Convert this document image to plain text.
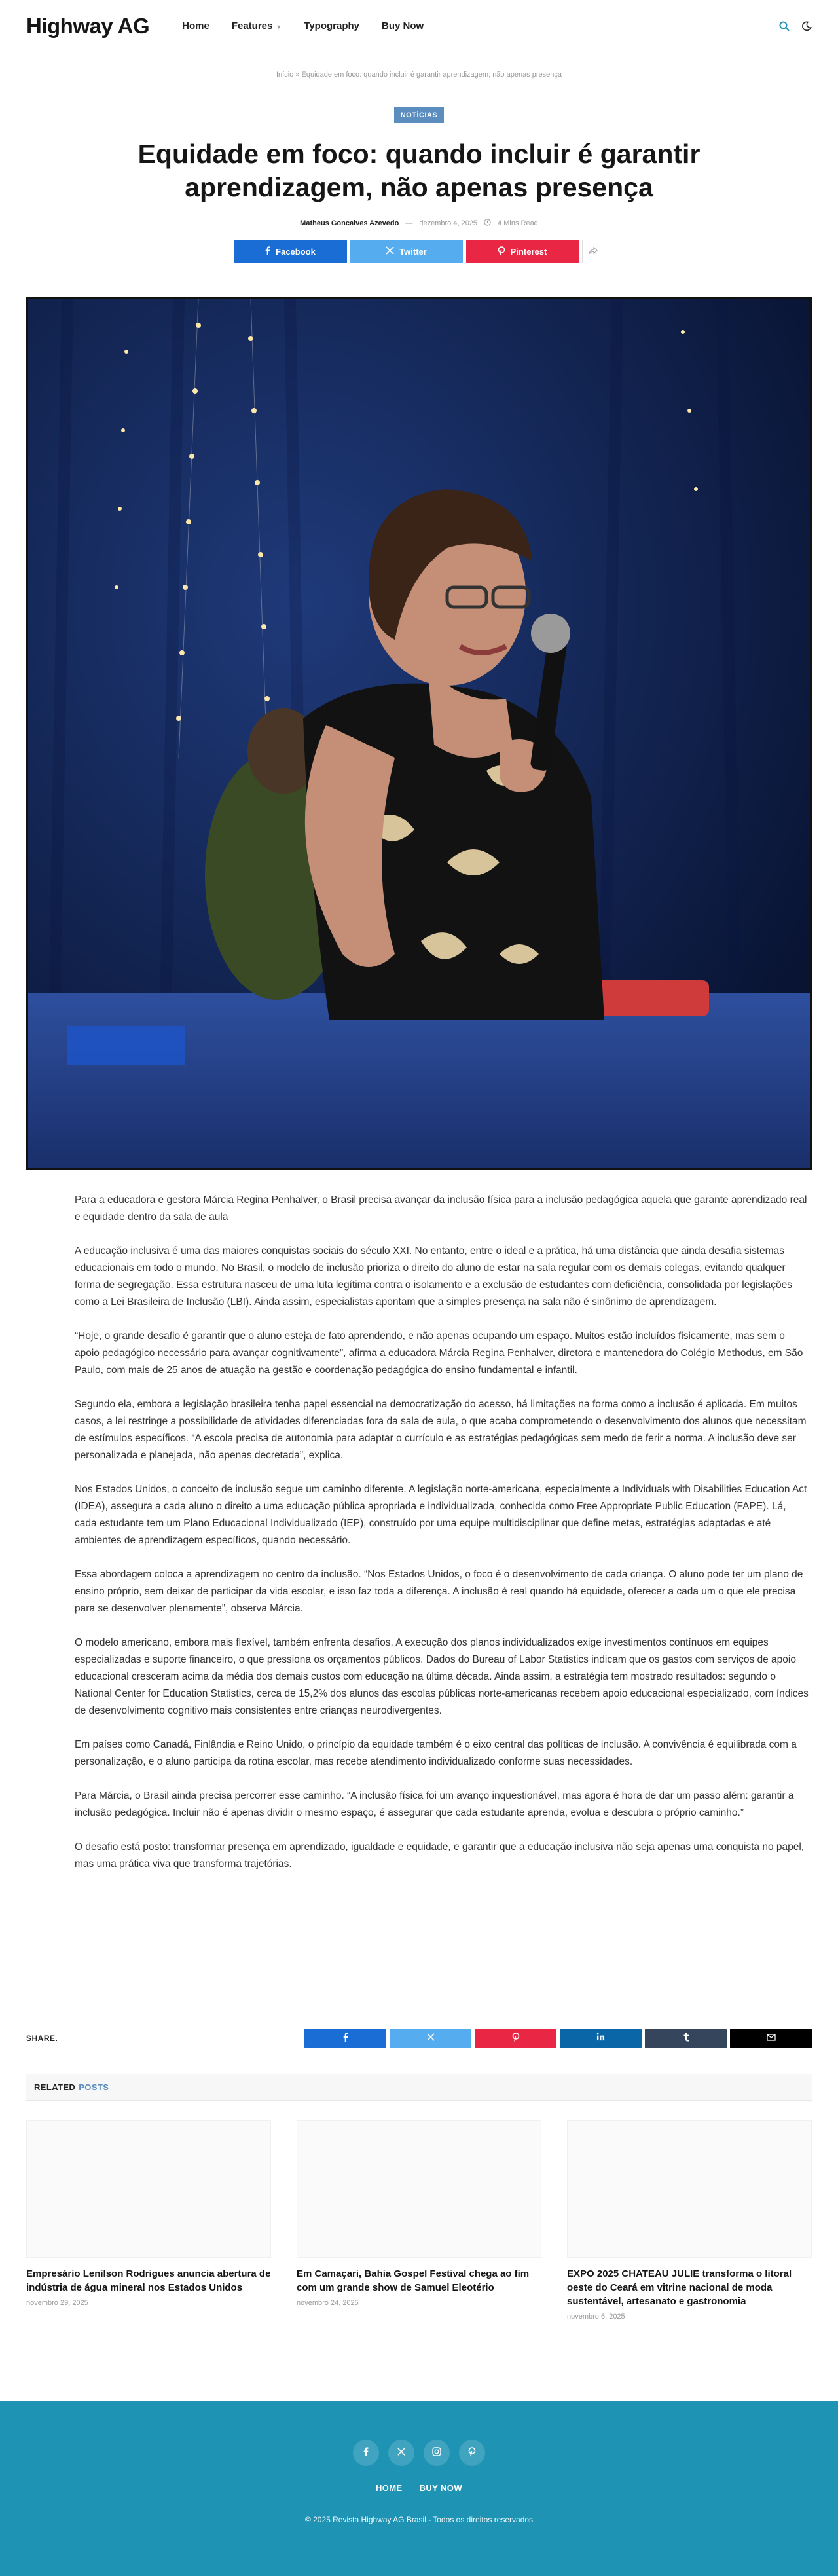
Highway AG	Home Features ▼ Typography Buy Now
Início » Equidade em foco: quando incluir é garantir aprendizagem, não apenas presença
NOTÍCIAS
Equidade em foco: quando incluir é garantir aprendizagem, não apenas presença
Matheus Goncalves Azevedo — dezembro 4, 2025	4 Mins Read
Facebook	Twitter	Pinterest

Para a educadora e gestora Márcia Regina Penhalver, o Brasil precisa avançar da inclusão física para a inclusão pedagógica aquela que garante aprendizado real e equidade dentro da sala de aula

A educação inclusiva é uma das maiores conquistas sociais do século XXI. No entanto, entre o ideal e a prática, há uma distância que ainda desafia sistemas educacionais em todo o mundo. No Brasil, o modelo de inclusão prioriza o direito do aluno de estar na sala regular com os demais colegas, evitando qualquer forma de segregação. Essa estrutura nasceu de uma luta legítima contra o isolamento e a exclusão de estudantes com deficiência, consolidada por legislações como a Lei Brasileira de Inclusão (LBI). Ainda assim, especialistas apontam que a simples presença na sala não é sinônimo de aprendizagem.

“Hoje, o grande desafio é garantir que o aluno esteja de fato aprendendo, e não apenas ocupando um espaço. Muitos estão incluídos fisicamente, mas sem o apoio pedagógico necessário para avançar cognitivamente”, afirma a educadora Márcia Regina Penhalver, diretora e mantenedora do Colégio Methodus, em São Paulo, com mais de 25 anos de atuação na gestão e coordenação pedagógica do ensino fundamental e infantil.

Segundo ela, embora a legislação brasileira tenha papel essencial na democratização do acesso, há limitações na forma como a inclusão é aplicada. Em muitos casos, a lei restringe a possibilidade de atividades diferenciadas fora da sala de aula, o que acaba comprometendo o desenvolvimento dos alunos que necessitam de estímulos específicos. “A escola precisa de autonomia para adaptar o currículo e as estratégias pedagógicas sem medo de ferir a norma. A inclusão deve ser personalizada e planejada, não apenas decretada”, explica.

Nos Estados Unidos, o conceito de inclusão segue um caminho diferente. A legislação norte-americana, especialmente a Individuals with Disabilities Education Act (IDEA), assegura a cada aluno o direito a uma educação pública apropriada e individualizada, conhecida como Free Appropriate Public Education (FAPE). Lá, cada estudante tem um Plano Educacional Individualizado (IEP), construído por uma equipe multidisciplinar que define metas, estratégias adaptadas e até ambientes de aprendizagem específicos, quando necessário.

Essa abordagem coloca a aprendizagem no centro da inclusão. “Nos Estados Unidos, o foco é o desenvolvimento de cada criança. O aluno pode ter um plano de ensino próprio, sem deixar de participar da vida escolar, e isso faz toda a diferença. A inclusão é real quando há equidade, oferecer a cada um o que ele precisa para se desenvolver plenamente”, observa Márcia.

O modelo americano, embora mais flexível, também enfrenta desafios. A execução dos planos individualizados exige investimentos contínuos em equipes especializadas e suporte financeiro, o que pressiona os orçamentos públicos. Dados do Bureau of Labor Statistics indicam que os gastos com serviços de apoio educacional cresceram acima da média dos demais custos com educação na última década. Ainda assim, a estratégia tem mostrado resultados: segundo o National Center for Education Statistics, cerca de 15,2% dos alunos das escolas públicas norte-americanas recebem apoio educacional especializado, com índices de desenvolvimento cognitivo mais consistentes entre crianças neurodivergentes.

Em países como Canadá, Finlândia e Reino Unido, o princípio da equidade também é o eixo central das políticas de inclusão. A convivência é equilibrada com a personalização, e o aluno participa da rotina escolar, mas recebe atendimento individualizado conforme suas necessidades.

Para Márcia, o Brasil ainda precisa percorrer esse caminho. “A inclusão física foi um avanço inquestionável, mas agora é hora de dar um passo além: garantir a inclusão pedagógica. Incluir não é apenas dividir o mesmo espaço, é assegurar que cada estudante aprenda, evolua e descubra o próprio caminho.”

O desafio está posto: transformar presença em aprendizado, igualdade e equidade, e garantir que a educação inclusiva não seja apenas uma conquista no papel, mas uma prática viva que transforma trajetórias.

SHARE.
RELATED POSTS
Empresário Lenilson Rodrigues anuncia abertura de indústria de água mineral nos Estados Unidos
novembro 29, 2025
Em Camaçari, Bahia Gospel Festival chega ao fim com um grande show de Samuel Eleotério
novembro 24, 2025
EXPO 2025 CHATEAU JULIE transforma o litoral oeste do Ceará em vitrine nacional de moda sustentável, artesanato e gastronomia
novembro 6, 2025
HOME BUY NOW
© 2025 Revista Highway AG Brasil - Todos os direitos reservados
